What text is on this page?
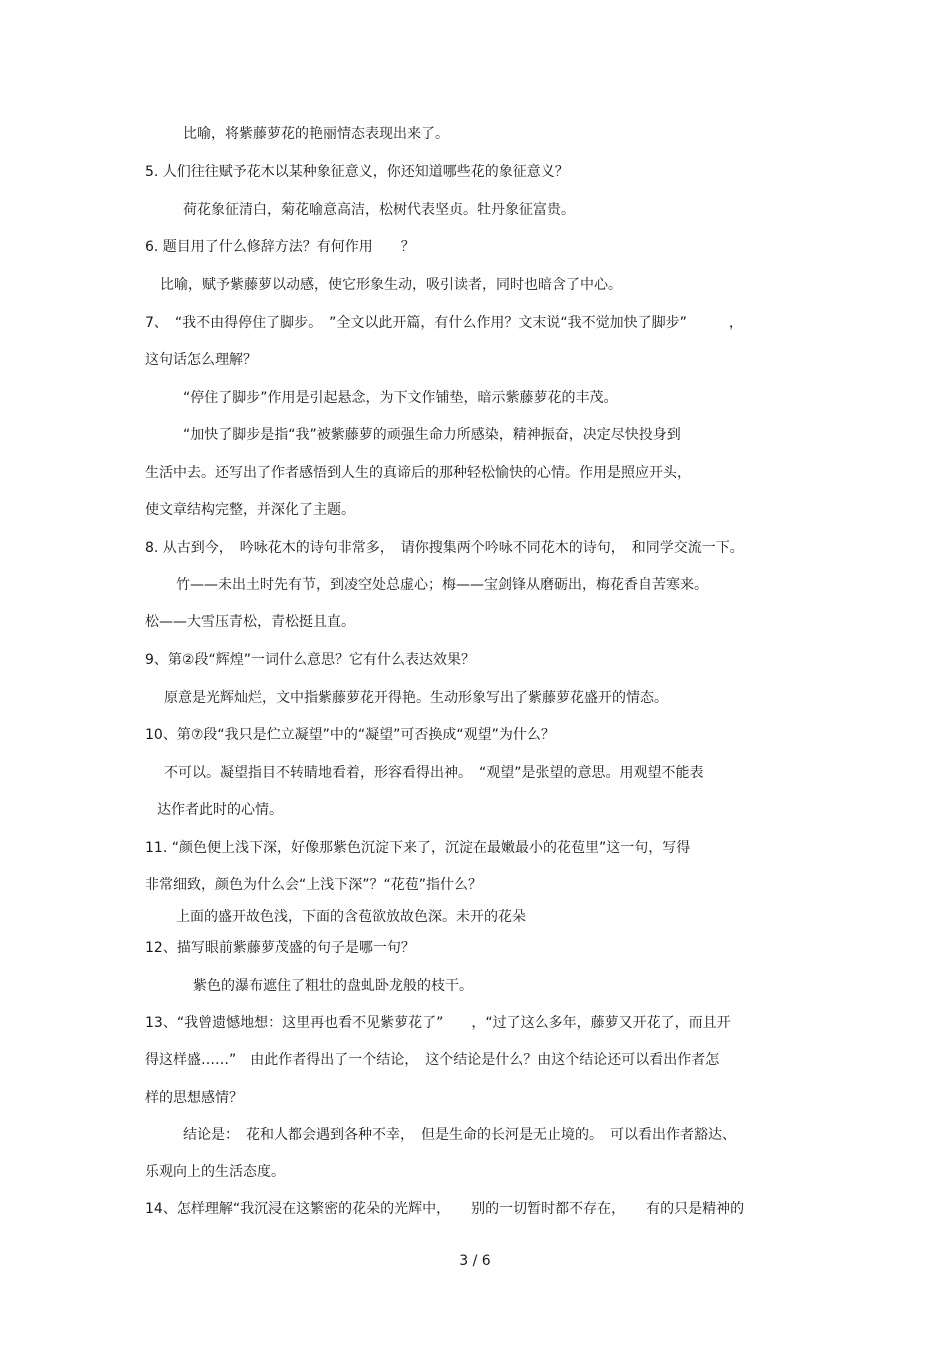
比喻，将紫藤萝花的艳丽情态表现出来了。
5. 人们往往赋予花木以某种象征意义，你还知道哪些花的象征意义？
荷花象征清白，菊花喻意高洁，松树代表坚贞。牡丹象征富贵。
6. 题目用了什么修辞方法？有何作用　　？
比喻，赋予紫藤萝以动感，使它形象生动，吸引读者，同时也暗含了中心。
7、　“我不由得停住了脚步。　”全文以此开篇，有什么作用？文末说“我不觉加快了脚步”　　　，
这句话怎么理解？
“停住了脚步”作用是引起悬念，为下文作铺垫，暗示紫藤萝花的丰茂。
“加快了脚步是指“我”被紫藤萝的顽强生命力所感染，精神振奋，决定尽快投身到
生活中去。还写出了作者感悟到人生的真谛后的那种轻松愉快的心情。作用是照应开头，
使文章结构完整，并深化了主题。
8. 从古到今，　吟咏花木的诗句非常多，　请你搜集两个吟咏不同花木的诗句，　和同学交流一下。
竹——未出土时先有节，到凌空处总虚心；梅——宝剑锋从磨砺出，梅花香自苦寒来。
松——大雪压青松，青松挺且直。
9、第②段“辉煌”一词什么意思？它有什么表达效果？
原意是光辉灿烂，文中指紫藤萝花开得艳。生动形象写出了紫藤萝花盛开的情态。
10、第⑦段“我只是伫立凝望”中的“凝望”可否换成“观望”为什么？
不可以。凝望指目不转睛地看着，形容看得出神。　“观望”是张望的意思。用观望不能表
达作者此时的心情。
11. “颜色便上浅下深，好像那紫色沉淀下来了，沉淀在最嫩最小的花苞里”这一句，写得
非常细致，颜色为什么会“上浅下深”？“花苞”指什么？
上面的盛开故色浅，下面的含苞欲放故色深。未开的花朵
12、描写眼前紫藤萝茂盛的句子是哪一句？
紫色的瀑布遮住了粗壮的盘虬卧龙般的枝干。
13、“我曾遗憾地想：这里再也看不见紫萝花了”　　，“过了这么多年，藤萝又开花了，而且开
得这样盛……”　由此作者得出了一个结论，　这个结论是什么？由这个结论还可以看出作者怎
样的思想感情？
结论是：　花和人都会遇到各种不幸，　但是生命的长河是无止境的。　可以看出作者豁达、
乐观向上的生活态度。
14、怎样理解“我沉浸在这繁密的花朵的光辉中，　　别的一切暂时都不存在，　　有的只是精神的
3 / 6
